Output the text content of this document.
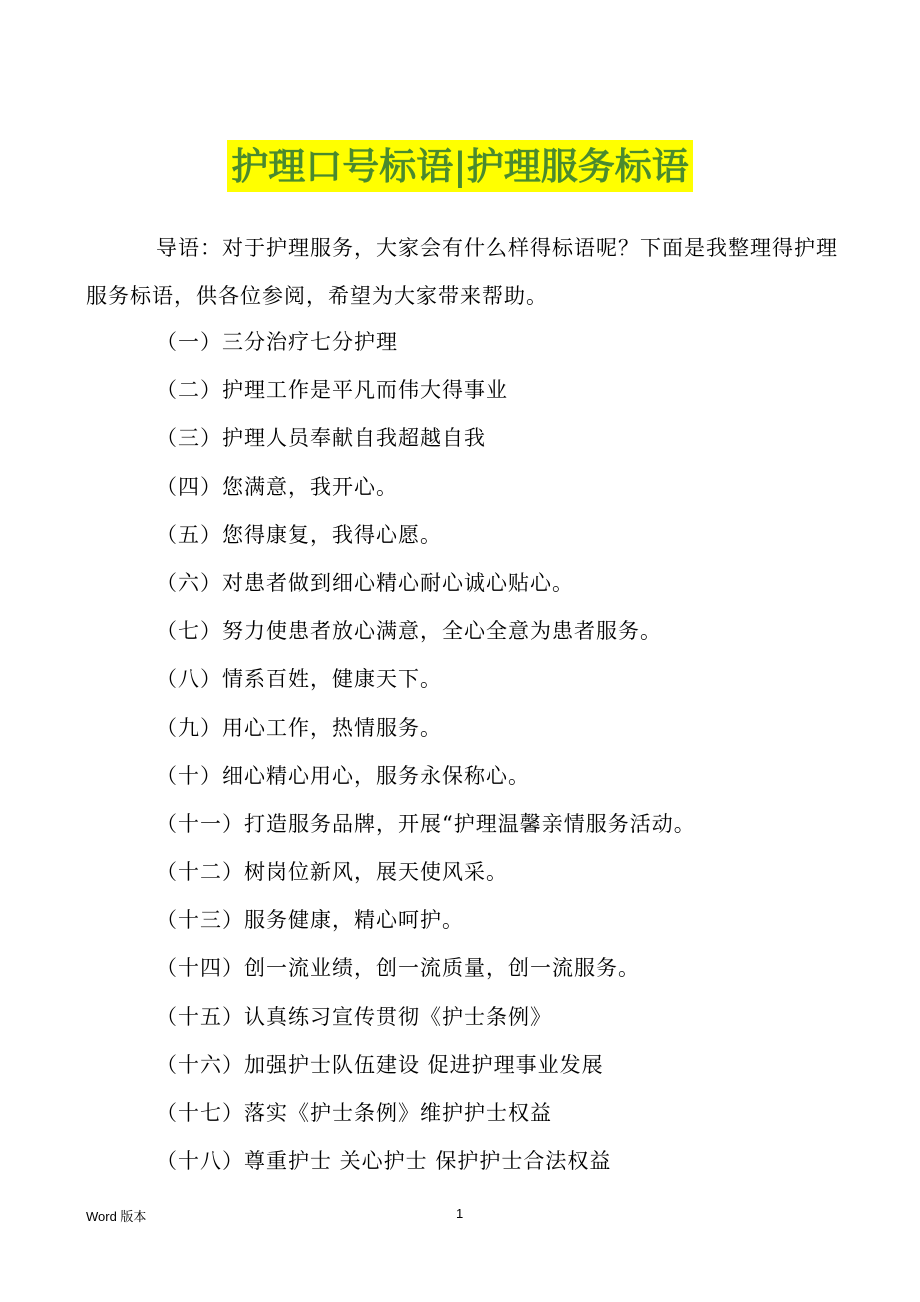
护理口号标语|护理服务标语

导语：对于护理服务，大家会有什么样得标语呢？下面是我整理得护理服务标语，供各位参阅，希望为大家带来帮助。

（一）三分治疗七分护理
（二）护理工作是平凡而伟大得事业
（三）护理人员奉献自我超越自我
（四）您满意，我开心。
（五）您得康复，我得心愿。
（六）对患者做到细心精心耐心诚心贴心。
（七）努力使患者放心满意，全心全意为患者服务。
（八）情系百姓，健康天下。
（九）用心工作，热情服务。
（十）细心精心用心，服务永保称心。
（十一）打造服务品牌，开展“护理温馨亲情服务活动。
（十二）树岗位新风，展天使风采。
（十三）服务健康，精心呵护。
（十四）创一流业绩，创一流质量，创一流服务。
（十五）认真练习宣传贯彻《护士条例》
（十六）加强护士队伍建设 促进护理事业发展
（十七）落实《护士条例》维护护士权益
（十八）尊重护士 关心护士 保护护士合法权益
Word 版本	1
